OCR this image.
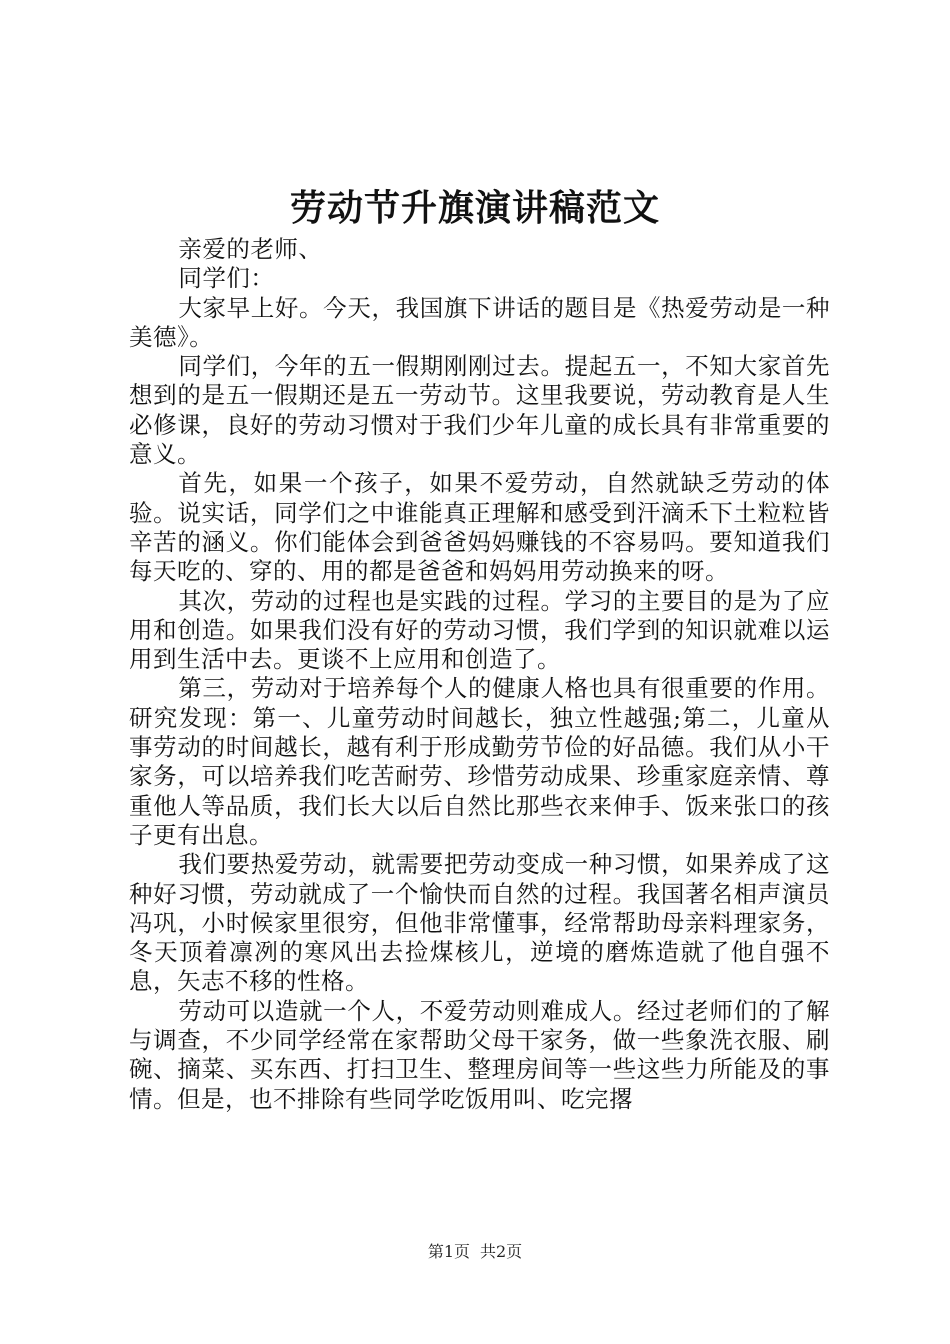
劳动节升旗演讲稿范文

亲爱的老师、

同学们：

大家早上好。今天，我国旗下讲话的题目是《热爱劳动是一种美德》。

同学们，今年的五一假期刚刚过去。提起五一，不知大家首先想到的是五一假期还是五一劳动节。这里我要说，劳动教育是人生必修课，良好的劳动习惯对于我们少年儿童的成长具有非常重要的意义。

首先，如果一个孩子，如果不爱劳动，自然就缺乏劳动的体验。说实话，同学们之中谁能真正理解和感受到汗滴禾下土粒粒皆辛苦的涵义。你们能体会到爸爸妈妈赚钱的不容易吗。要知道我们每天吃的、穿的、用的都是爸爸和妈妈用劳动换来的呀。

其次，劳动的过程也是实践的过程。学习的主要目的是为了应用和创造。如果我们没有好的劳动习惯，我们学到的知识就难以运用到生活中去。更谈不上应用和创造了。

第三，劳动对于培养每个人的健康人格也具有很重要的作用。研究发现：第一、儿童劳动时间越长，独立性越强;第二，儿童从事劳动的时间越长，越有利于形成勤劳节俭的好品德。我们从小干家务，可以培养我们吃苦耐劳、珍惜劳动成果、珍重家庭亲情、尊重他人等品质，我们长大以后自然比那些衣来伸手、饭来张口的孩子更有出息。

我们要热爱劳动，就需要把劳动变成一种习惯，如果养成了这种好习惯，劳动就成了一个愉快而自然的过程。我国著名相声演员冯巩，小时候家里很穷，但他非常懂事，经常帮助母亲料理家务，冬天顶着凛冽的寒风出去捡煤核儿，逆境的磨炼造就了他自强不息，矢志不移的性格。

劳动可以造就一个人，不爱劳动则难成人。经过老师们的了解与调查，不少同学经常在家帮助父母干家务，做一些象洗衣服、刷碗、摘菜、买东西、打扫卫生、整理房间等一些这些力所能及的事情。但是，也不排除有些同学吃饭用叫、吃完撂

第1页 共2页
